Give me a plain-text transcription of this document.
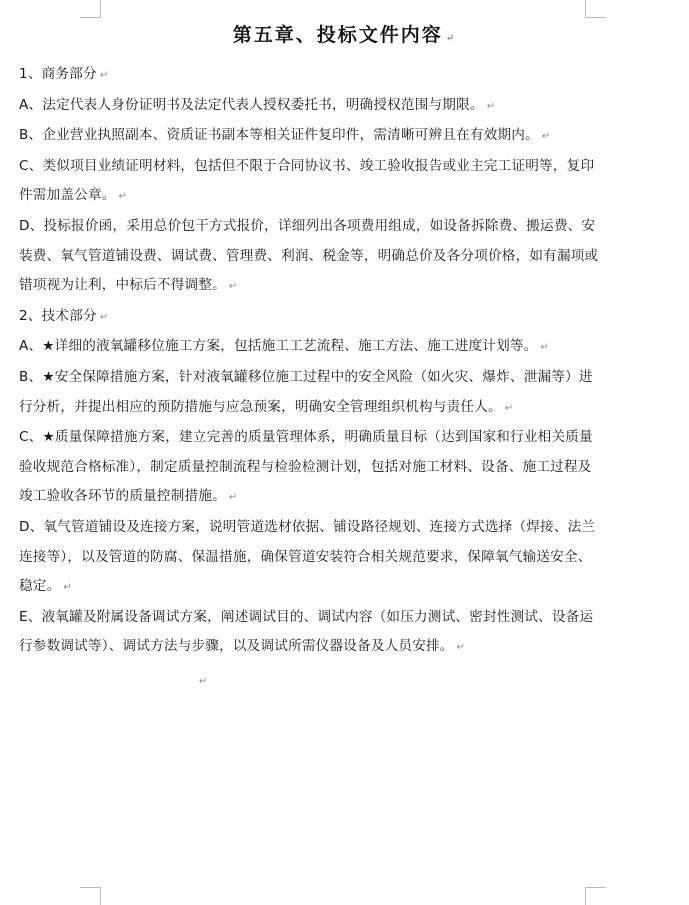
第五章、投标文件内容 ↵

1、商务部分 ↵

A、法定代表人身份证明书及法定代表人授权委托书，明确授权范围与期限。 ↵

B、企业营业执照副本、资质证书副本等相关证件复印件，需清晰可辨且在有效期内。 ↵

C、类似项目业绩证明材料，包括但不限于合同协议书、竣工验收报告或业主完工证明等，复印件需加盖公章。 ↵

D、投标报价函，采用总价包干方式报价，详细列出各项费用组成，如设备拆除费、搬运费、安装费、氧气管道铺设费、调试费、管理费、利润、税金等，明确总价及各分项价格，如有漏项或错项视为让利，中标后不得调整。 ↵

2、技术部分 ↵

A、★详细的液氧罐移位施工方案，包括施工工艺流程、施工方法、施工进度计划等。 ↵

B、★安全保障措施方案，针对液氧罐移位施工过程中的安全风险（如火灾、爆炸、泄漏等）进行分析，并提出相应的预防措施与应急预案，明确安全管理组织机构与责任人。 ↵

C、★质量保障措施方案，建立完善的质量管理体系，明确质量目标（达到国家和行业相关质量验收规范合格标准），制定质量控制流程与检验检测计划，包括对施工材料、设备、施工过程及竣工验收各环节的质量控制措施。 ↵

D、氧气管道铺设及连接方案，说明管道选材依据、铺设路径规划、连接方式选择（焊接、法兰连接等），以及管道的防腐、保温措施，确保管道安装符合相关规范要求，保障氧气输送安全、稳定。 ↵

E、液氧罐及附属设备调试方案，阐述调试目的、调试内容（如压力测试、密封性测试、设备运行参数调试等）、调试方法与步骤，以及调试所需仪器设备及人员安排。 ↵

↵
